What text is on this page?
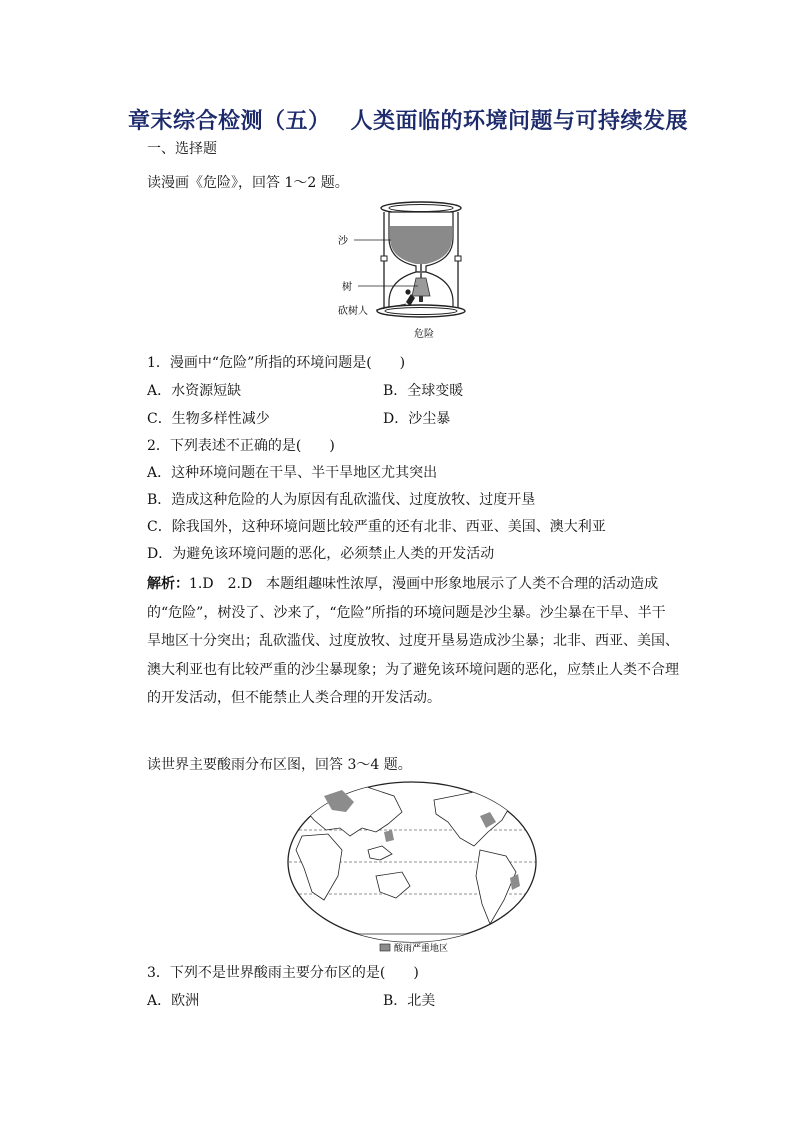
章末综合检测（五） 人类面临的环境问题与可持续发展
一、选择题
读漫画《危险》，回答 1～2 题。
沙
树
砍树人
危险
1．漫画中“危险”所指的环境问题是(　　)
A．水资源短缺	B．全球变暖
C．生物多样性减少	D．沙尘暴
2．下列表述不正确的是(　　)
A．这种环境问题在干旱、半干旱地区尤其突出
B．造成这种危险的人为原因有乱砍滥伐、过度放牧、过度开垦
C．除我国外，这种环境问题比较严重的还有北非、西亚、美国、澳大利亚
D．为避免该环境问题的恶化，必须禁止人类的开发活动
解析：1.D　2.D　本题组趣味性浓厚，漫画中形象地展示了人类不合理的活动造成的“危险”，树没了、沙来了，“危险”所指的环境问题是沙尘暴。沙尘暴在干旱、半干旱地区十分突出；乱砍滥伐、过度放牧、过度开垦易造成沙尘暴；北非、西亚、美国、澳大利亚也有比较严重的沙尘暴现象；为了避免该环境问题的恶化，应禁止人类不合理的开发活动，但不能禁止人类合理的开发活动。
读世界主要酸雨分布区图，回答 3～4 题。
酸雨严重地区
3．下列不是世界酸雨主要分布区的是(　　)
A．欧洲	B．北美
